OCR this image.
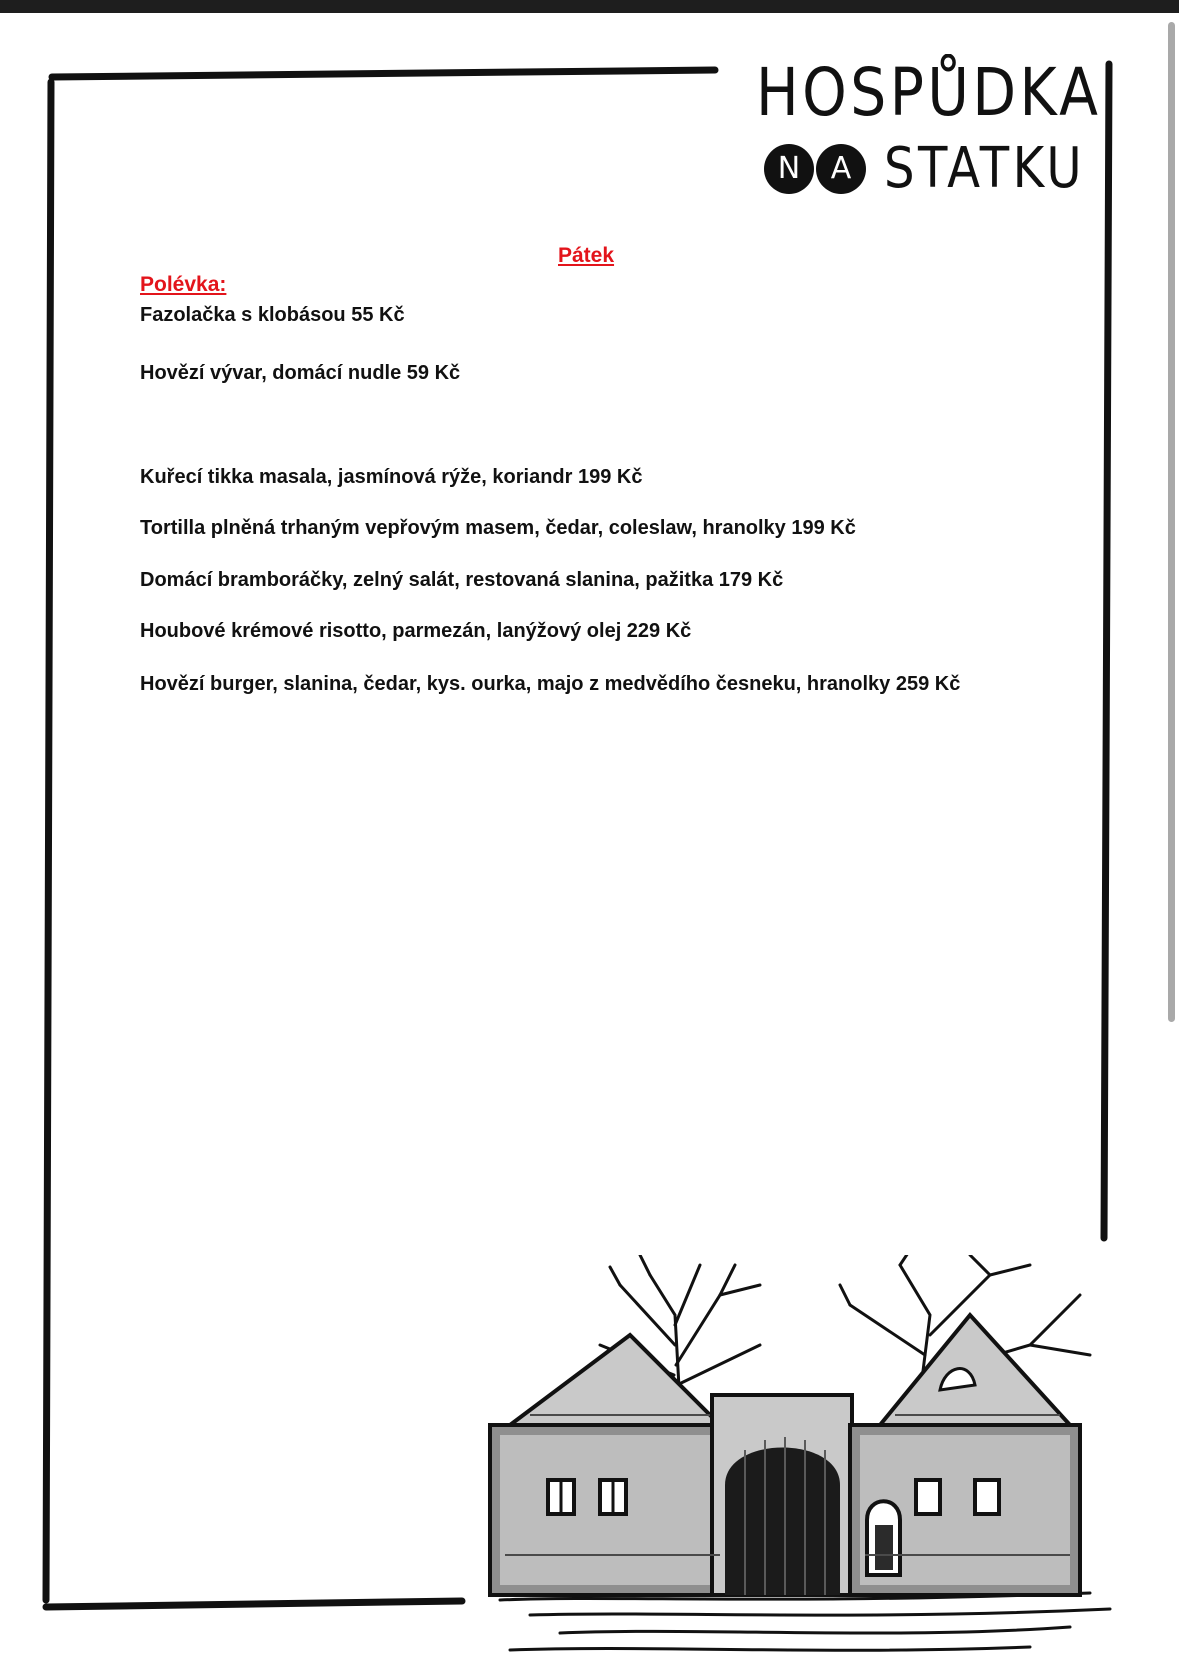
HOSPŮDKA
N	A STATKU
Pátek
Polévka:
Fazolačka s klobásou 55 Kč
Hovězí vývar, domácí nudle 59 Kč
Kuřecí tikka masala, jasmínová rýže, koriandr 199 Kč
Tortilla plněná trhaným vepřovým masem, čedar, coleslaw, hranolky 199 Kč
Domácí bramboráčky, zelný salát, restovaná slanina, pažitka 179 Kč
Houbové krémové risotto, parmezán, lanýžový olej 229 Kč
Hovězí burger, slanina, čedar, kys. ourka, majo z medvědího česneku, hranolky 259 Kč
